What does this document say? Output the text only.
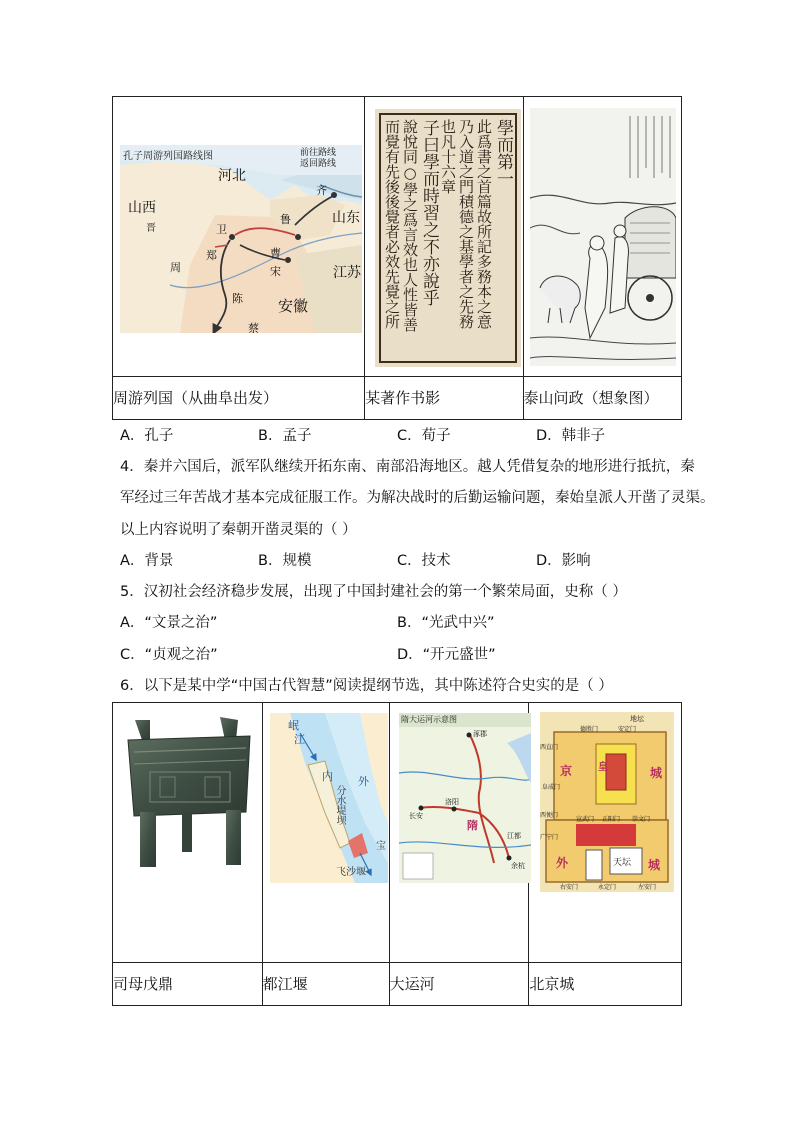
周游列国（从曲阜出发）	某著作书影	泰山问政（想象图）
孔子周游列国路线图	前往路线
返回路线
河北
山西
晋
周
卫
郑
鲁
曹
宋
齐
山东
江苏
陈 安徽
蔡
學而第一
此爲書之首篇故所記多務本之意
乃入道之門積德之基學者之先務
也凡十六章
子曰學而時習之不亦說乎
說悅同○學之爲言效也人性皆善
而覺有先後後覺者必效先覺之所
A．孔子	B．孟子	C．荀子	D．韩非子
4．秦并六国后，派军队继续开拓东南、南部沿海地区。越人凭借复杂的地形进行抵抗，秦
军经过三年苦战才基本完成征服工作。为解决战时的后勤运输问题，秦始皇派人开凿了灵渠。
以上内容说明了秦朝开凿灵渠的（ ）
A．背景	B．规模	C．技术	D．影响
5．汉初社会经济稳步发展，出现了中国封建社会的第一个繁荣局面，史称（ ）
A．“文景之治”	B．“光武中兴”
C．“贞观之治”	D．“开元盛世”
6．以下是某中学“中国古代智慧”阅读提纲节选，其中陈述符合史实的是（ ）

司母戊鼎	都江堰	大运河	北京城
岷
江
内 外
分水堤坝
飞沙堰
宝
隋大运河示意图
涿郡
长安
洛阳
隋
江都
余杭
京	城
皇
外	城
天坛
地坛
安定门
德胜门
西直门
阜成门
西便门
广宁门
宣武门 正阳门 崇文门
右安门	永定门	左安门
